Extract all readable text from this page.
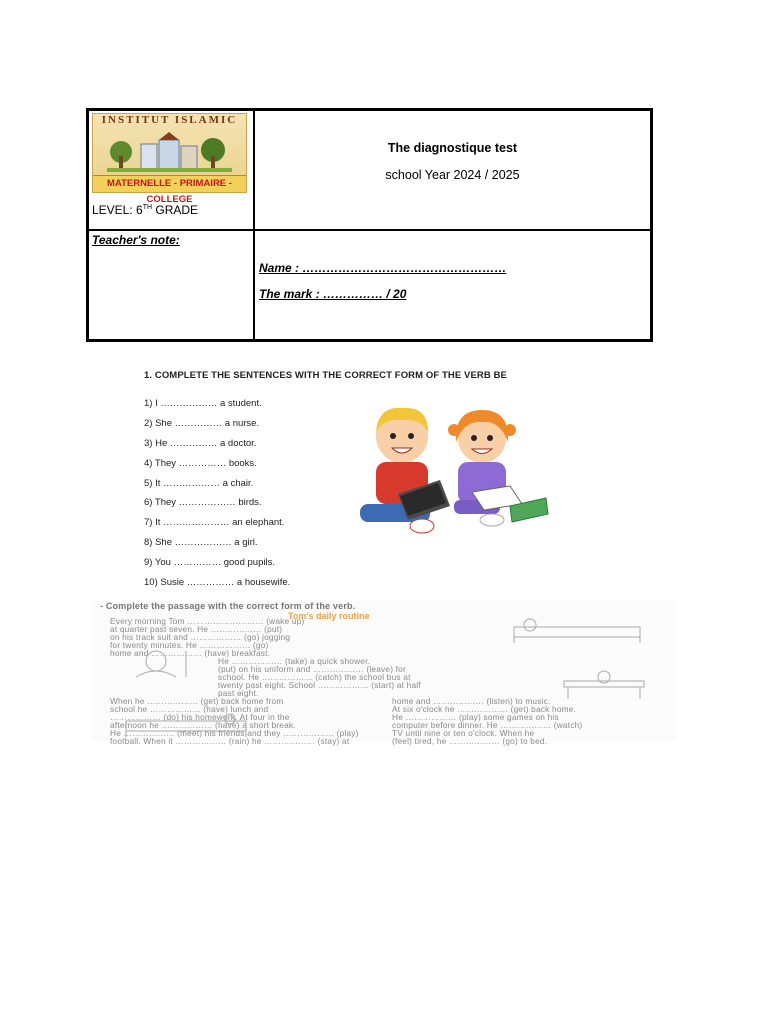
INSTITUT ISLAMIC
MATERNELLE - PRIMAIRE - COLLEGE
LEVEL: 6TH GRADE
The diagnostique test
school Year 2024 / 2025
Teacher's note:
Name : ……………………………………………
The mark : …………… / 20
1. COMPLETE THE SENTENCES WITH THE CORRECT FORM OF THE VERB BE
1) I ……………… a student.
2) She …………… a nurse.
3) He …………… a doctor.
4) They …………… books.
5) It ……………… a chair.
6) They ……………… birds.
7) It ………………… an elephant.
8) She ……………… a girl.
9) You …………… good pupils.
10) Susie …………… a housewife.
- Complete the passage with the correct form of the verb.
Tom's daily routine
Every morning Tom ……………………… (wake up)
at quarter past seven. He ……………… (put)
on his track suit and ……………… (go) jogging
for twenty minutes. He ……………… (go)
home and ……………… (have) breakfast.
He ……………… (take) a quick shower.
(put) on his uniform and ……………… (leave) for
school. He ……………… (catch) the school bus at
twenty past eight. School ……………… (start) at half
past eight.
When he ……………… (get) back home from
school he ……………… (have) lunch and
……………… (do) his homework. At four in the
afternoon he ……………… (have) a short break.
He ……………… (meet) his friends and they ……………… (play)
football. When it ……………… (rain) he ……………… (stay) at
home and ……………… (listen) to music.
At six o'clock he ……………… (get) back home.
He ……………… (play) some games on his
computer before dinner. He ……………… (watch)
TV until nine or ten o'clock. When he
(feel) tired, he ……………… (go) to bed.
